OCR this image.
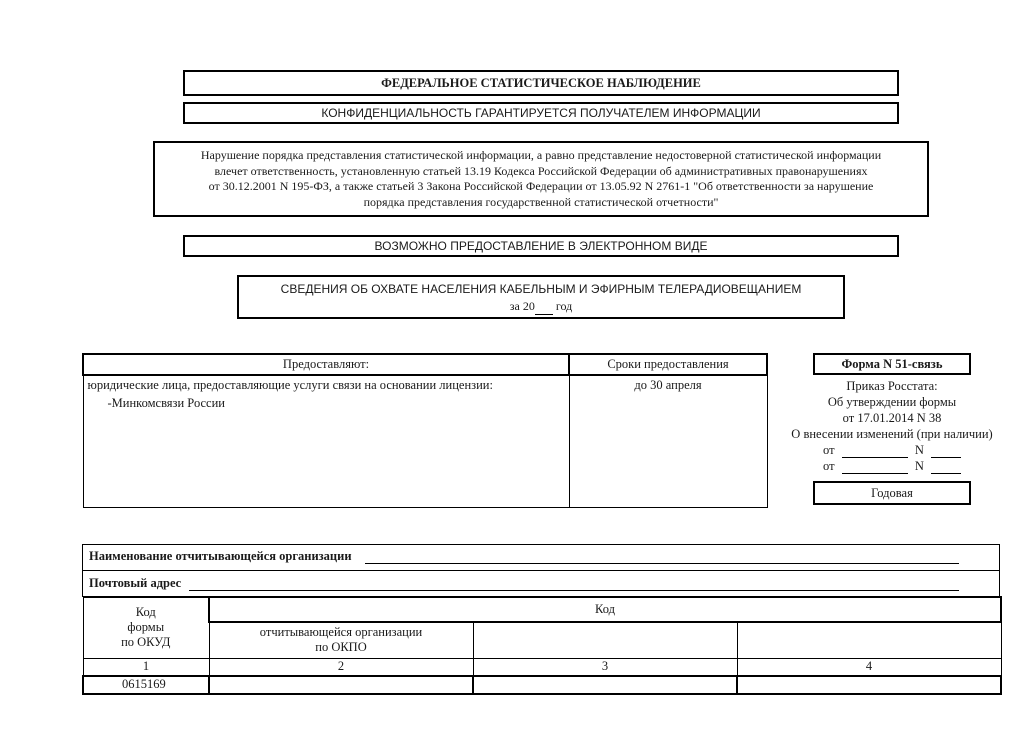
ФЕДЕРАЛЬНОЕ СТАТИСТИЧЕСКОЕ НАБЛЮДЕНИЕ
КОНФИДЕНЦИАЛЬНОСТЬ ГАРАНТИРУЕТСЯ ПОЛУЧАТЕЛЕМ ИНФОРМАЦИИ
Нарушение порядка представления статистической информации, а равно представление недостоверной статистической информации
влечет ответственность, установленную статьей 13.19 Кодекса Российской Федерации об административных правонарушениях
от 30.12.2001 N 195-ФЗ, а также статьей 3 Закона Российской Федерации от 13.05.92 N 2761-1 "Об ответственности за нарушение
порядка представления государственной статистической отчетности"
ВОЗМОЖНО ПРЕДОСТАВЛЕНИЕ В ЭЛЕКТРОННОМ ВИДЕ
СВЕДЕНИЯ ОБ ОХВАТЕ НАСЕЛЕНИЯ КАБЕЛЬНЫМ И ЭФИРНЫМ ТЕЛЕРАДИОВЕЩАНИЕМ
за 20 год
Предоставляют:	Сроки предоставления

юридические лица, предоставляющие услуги связи на основании лицензии:
-Минкомсвязи России	до 30 апреля
Форма N 51-связь
Приказ Росстата:
Об утверждении формы
от 17.01.2014 N 38
О внесении изменений (при наличии)
от	N
от	N
Годовая
Наименование отчитывающейся организации
Почтовый адрес
Код
формы
по ОКУД	Код		

	отчитывающейся организации
по ОКПО		

1	2	3	4
0615169			
